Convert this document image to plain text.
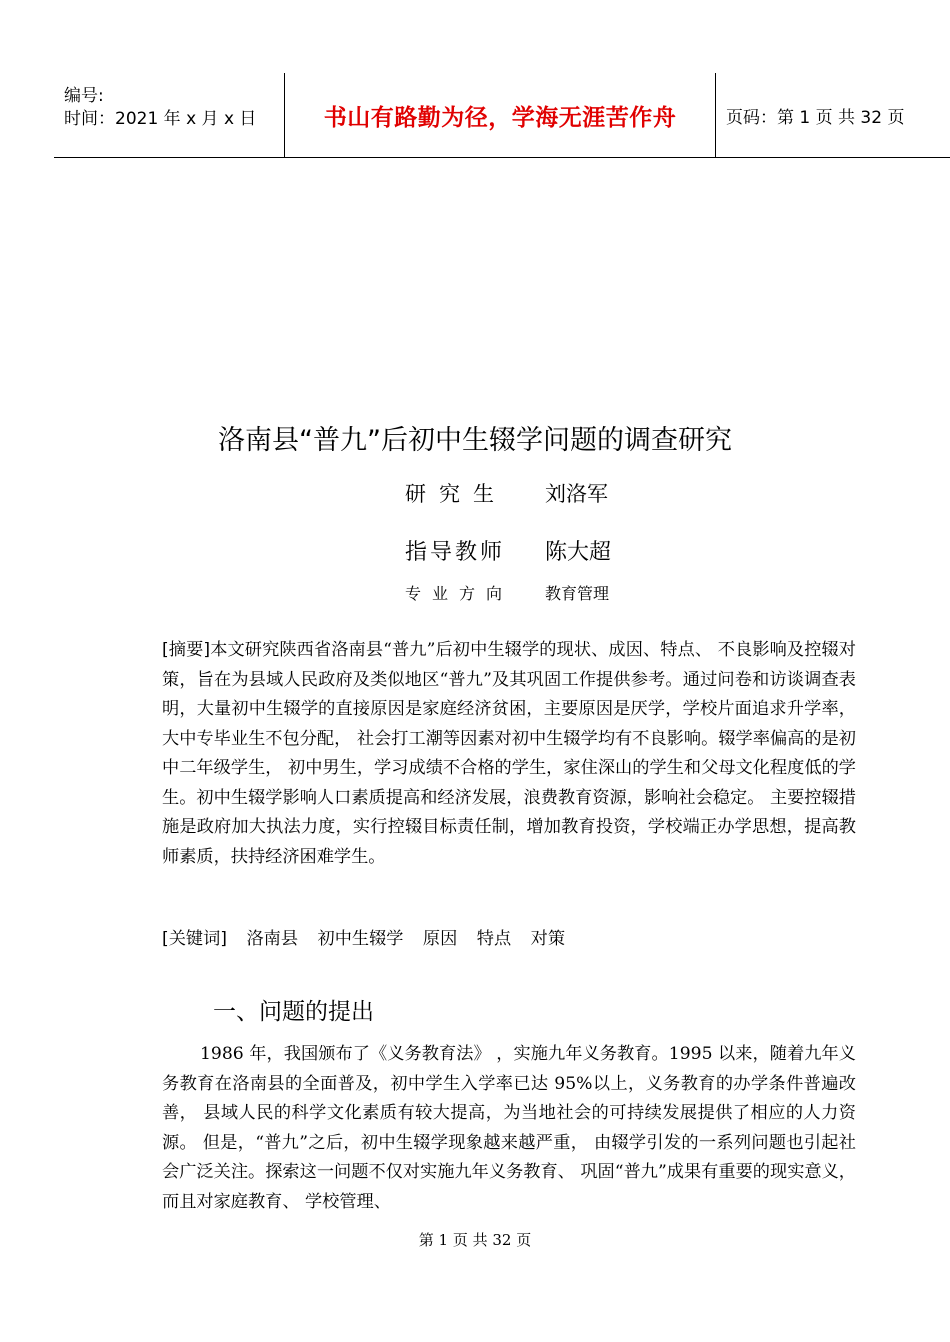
编号:
时间：2021 年 x 月 x 日	书山有路勤为径，学海无涯苦作舟	页码：第 1 页 共 32 页
洛南县“普九”后初中生辍学问题的调查研究
研究生 刘洛军
指导教师 陈大超
专业方向 教育管理
[摘要]本文研究陕西省洛南县“普九”后初中生辍学的现状、成因、特点、 不良影响及控辍对策，旨在为县域人民政府及类似地区“普九”及其巩固工作提供参考。通过问卷和访谈调查表明，大量初中生辍学的直接原因是家庭经济贫困，主要原因是厌学，学校片面追求升学率，大中专毕业生不包分配， 社会打工潮等因素对初中生辍学均有不良影响。辍学率偏高的是初中二年级学生， 初中男生，学习成绩不合格的学生，家住深山的学生和父母文化程度低的学生。初中生辍学影响人口素质提高和经济发展，浪费教育资源，影响社会稳定。 主要控辍措施是政府加大执法力度，实行控辍目标责任制，增加教育投资，学校端正办学思想，提高教师素质，扶持经济困难学生。
[关键词] 洛南县 初中生辍学 原因 特点 对策
一、问题的提出
1986 年，我国颁布了《义务教育法》 ，实施九年义务教育。1995 以来，随着九年义务教育在洛南县的全面普及，初中学生入学率已达 95%以上，义务教育的办学条件普遍改善， 县域人民的科学文化素质有较大提高，为当地社会的可持续发展提供了相应的人力资源。 但是，“普九”之后，初中生辍学现象越来越严重， 由辍学引发的一系列问题也引起社会广泛关注。探索这一问题不仅对实施九年义务教育、 巩固“普九”成果有重要的现实意义，而且对家庭教育、 学校管理、
第 1 页 共 32 页
